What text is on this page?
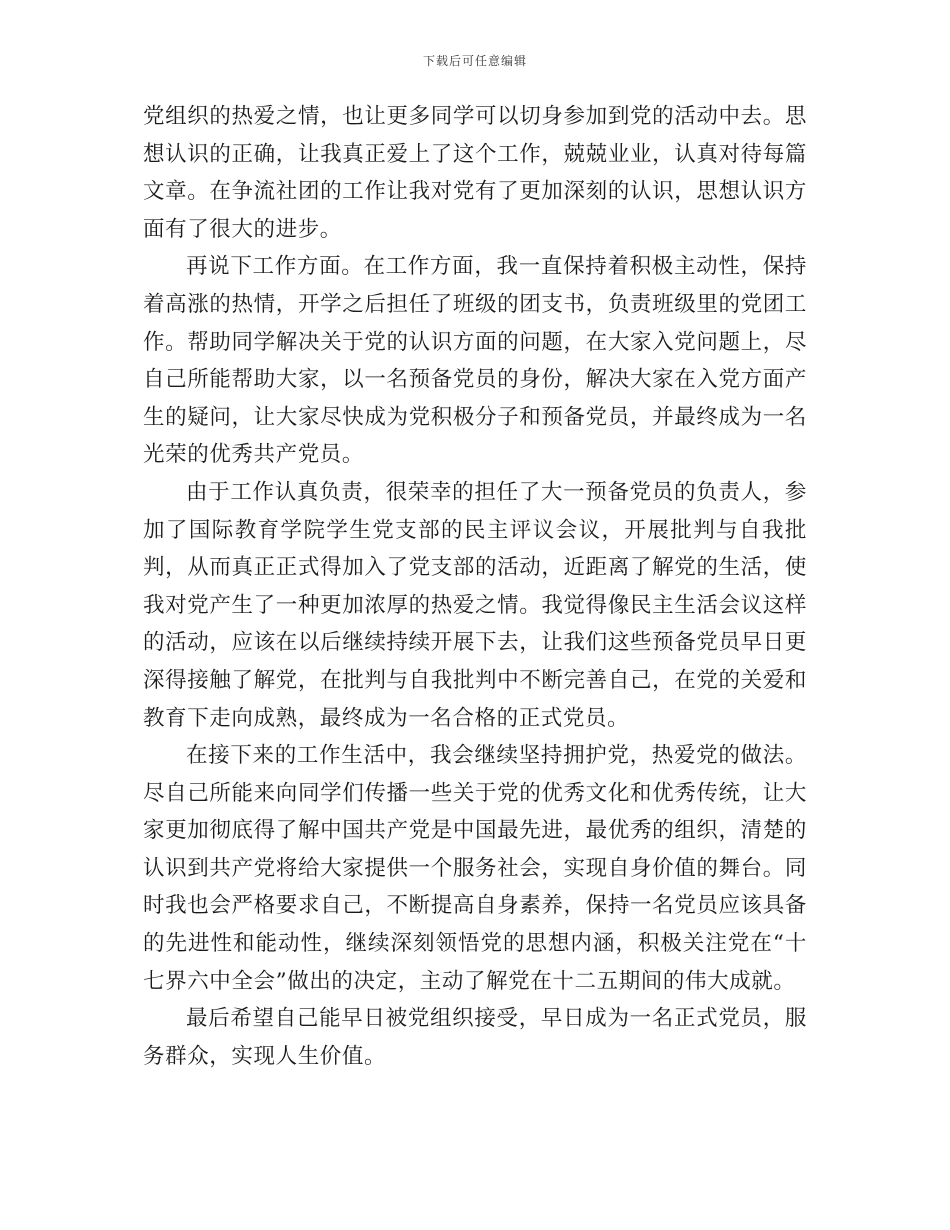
下载后可任意编辑

党组织的热爱之情，也让更多同学可以切身参加到党的活动中去。思想认识的正确，让我真正爱上了这个工作，兢兢业业，认真对待每篇文章。在争流社团的工作让我对党有了更加深刻的认识，思想认识方面有了很大的进步。

再说下工作方面。在工作方面，我一直保持着积极主动性，保持着高涨的热情，开学之后担任了班级的团支书，负责班级里的党团工作。帮助同学解决关于党的认识方面的问题，在大家入党问题上，尽自己所能帮助大家，以一名预备党员的身份，解决大家在入党方面产生的疑问，让大家尽快成为党积极分子和预备党员，并最终成为一名光荣的优秀共产党员。

由于工作认真负责，很荣幸的担任了大一预备党员的负责人，参加了国际教育学院学生党支部的民主评议会议，开展批判与自我批判，从而真正正式得加入了党支部的活动，近距离了解党的生活，使我对党产生了一种更加浓厚的热爱之情。我觉得像民主生活会议这样的活动，应该在以后继续持续开展下去，让我们这些预备党员早日更深得接触了解党，在批判与自我批判中不断完善自己，在党的关爱和教育下走向成熟，最终成为一名合格的正式党员。

在接下来的工作生活中，我会继续坚持拥护党，热爱党的做法。尽自己所能来向同学们传播一些关于党的优秀文化和优秀传统，让大家更加彻底得了解中国共产党是中国最先进，最优秀的组织，清楚的认识到共产党将给大家提供一个服务社会，实现自身价值的舞台。同时我也会严格要求自己，不断提高自身素养，保持一名党员应该具备的先进性和能动性，继续深刻领悟党的思想内涵，积极关注党在“十七界六中全会”做出的决定，主动了解党在十二五期间的伟大成就。

最后希望自己能早日被党组织接受，早日成为一名正式党员，服务群众，实现人生价值。
